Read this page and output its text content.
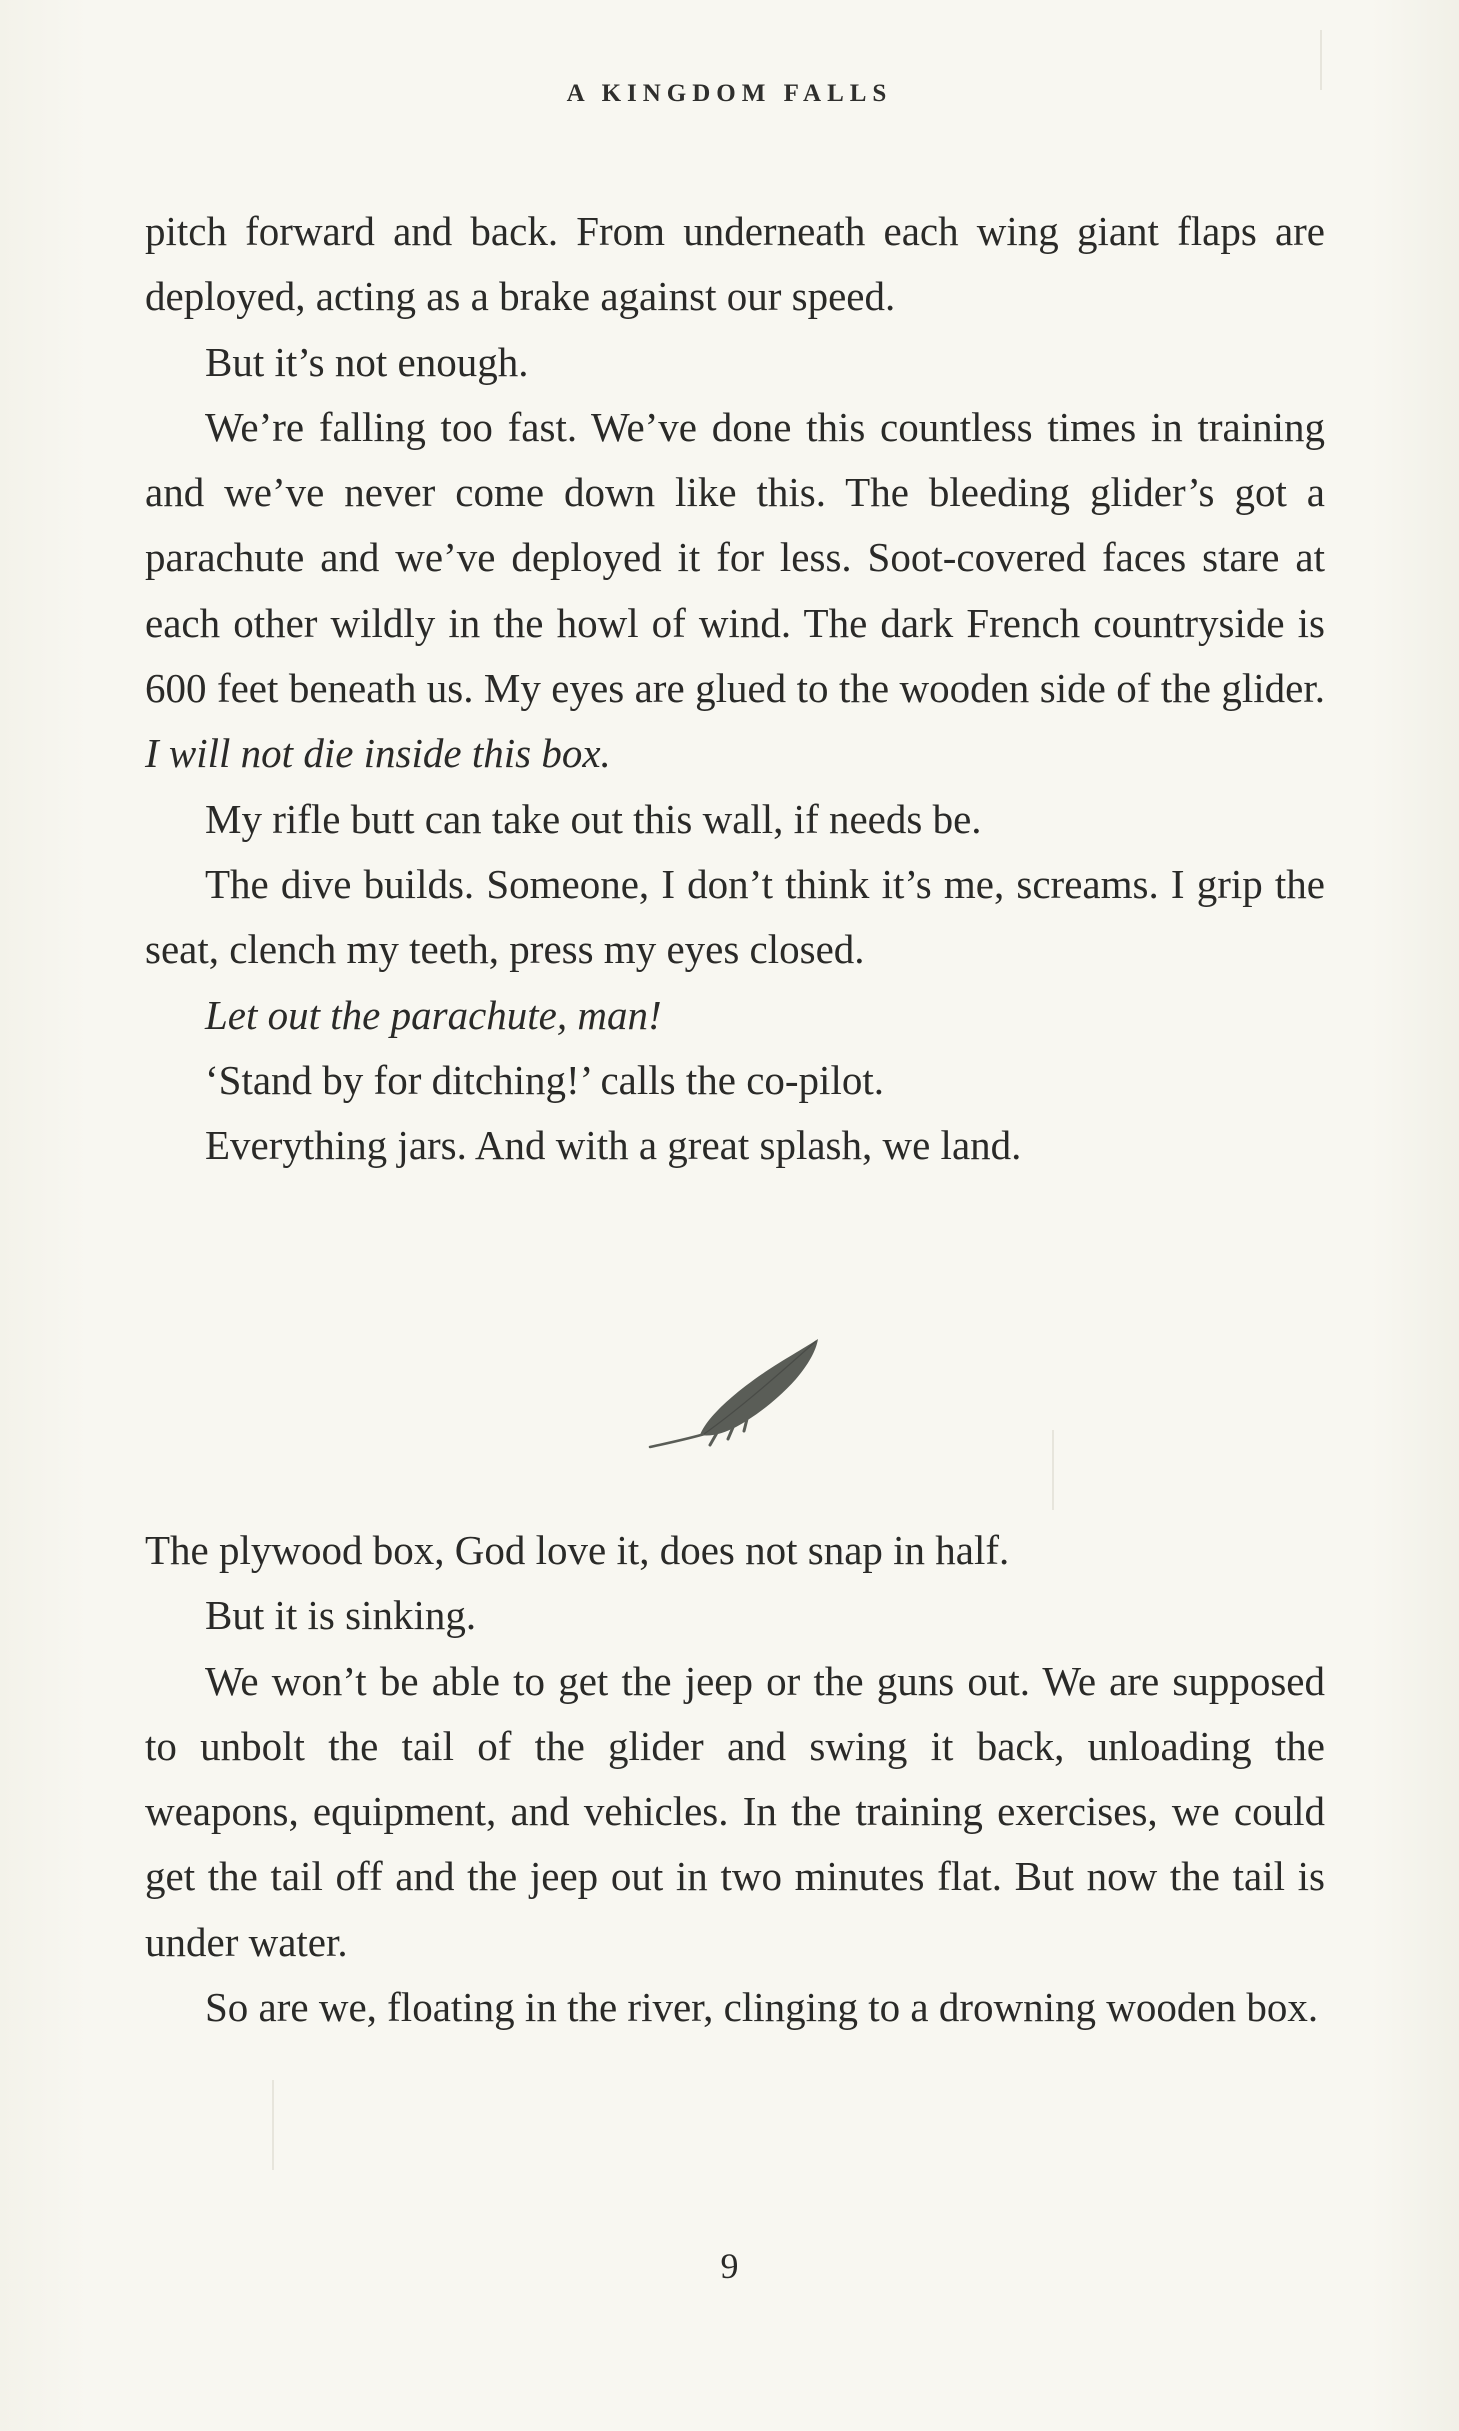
A KINGDOM FALLS

pitch forward and back. From underneath each wing giant flaps are deployed, acting as a brake against our speed.

But it’s not enough.

We’re falling too fast. We’ve done this countless times in training and we’ve never come down like this. The bleeding glider’s got a parachute and we’ve deployed it for less. Soot-covered faces stare at each other wildly in the howl of wind. The dark French countryside is 600 feet beneath us. My eyes are glued to the wooden side of the glider. I will not die inside this box.

My rifle butt can take out this wall, if needs be.

The dive builds. Someone, I don’t think it’s me, screams. I grip the seat, clench my teeth, press my eyes closed.

Let out the parachute, man!

‘Stand by for ditching!’ calls the co-pilot.

Everything jars. And with a great splash, we land.

The plywood box, God love it, does not snap in half.

But it is sinking.

We won’t be able to get the jeep or the guns out. We are supposed to unbolt the tail of the glider and swing it back, unloading the weapons, equipment, and vehicles. In the training exercises, we could get the tail off and the jeep out in two minutes flat. But now the tail is under water.

So are we, floating in the river, clinging to a drowning wooden box.

9
